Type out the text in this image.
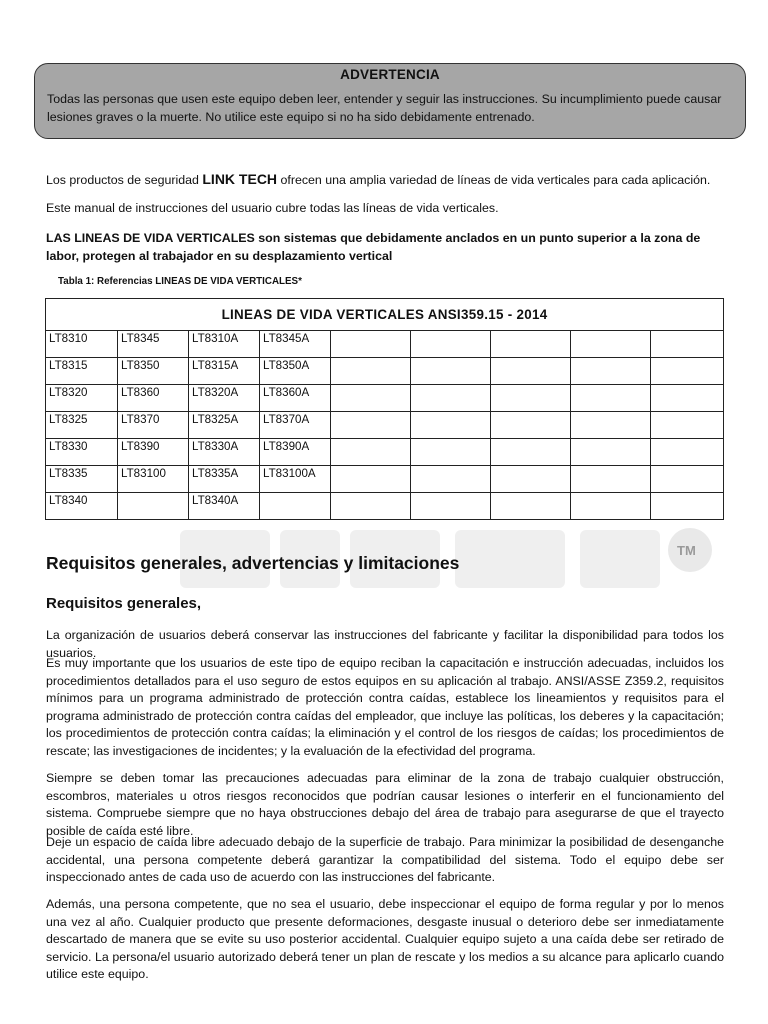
TM
ADVERTENCIA
Todas las personas que usen este equipo deben leer, entender y seguir las instrucciones. Su incumplimiento puede causar lesiones graves o la muerte. No utilice este equipo si no ha sido debidamente entrenado.
Los productos de seguridad LINK TECH ofrecen una amplia variedad de líneas de vida verticales para cada aplicación.
Este manual de instrucciones del usuario cubre todas las líneas de vida verticales.
LAS LINEAS DE VIDA VERTICALES son sistemas que debidamente anclados en un punto superior a la zona de labor, protegen al trabajador en su desplazamiento vertical
Tabla 1: Referencias LINEAS DE VIDA VERTICALES*
LINEAS DE VIDA VERTICALES ANSI359.15 - 2014								
LT8310	LT8345	LT8310A	LT8345A					
LT8315	LT8350	LT8315A	LT8350A					
LT8320	LT8360	LT8320A	LT8360A					
LT8325	LT8370	LT8325A	LT8370A					
LT8330	LT8390	LT8330A	LT8390A					
LT8335	LT83100	LT8335A	LT83100A					
LT8340		LT8340A						
Requisitos generales, advertencias y limitaciones
Requisitos generales,
La organización de usuarios deberá conservar las instrucciones del fabricante y facilitar la disponibilidad para todos los usuarios.
Es muy importante que los usuarios de este tipo de equipo reciban la capacitación e instrucción adecuadas, incluidos los procedimientos detallados para el uso seguro de estos equipos en su aplicación al trabajo. ANSI/ASSE Z359.2, requisitos mínimos para un programa administrado de protección contra caídas, establece los lineamientos y requisitos para el programa administrado de protección contra caídas del empleador, que incluye las políticas, los deberes y la capacitación; los procedimientos de protección contra caídas; la eliminación y el control de los riesgos de caídas; los procedimientos de rescate; las investigaciones de incidentes; y la evaluación de la efectividad del programa.
Siempre se deben tomar las precauciones adecuadas para eliminar de la zona de trabajo cualquier obstrucción, escombros, materiales u otros riesgos reconocidos que podrían causar lesiones o interferir en el funcionamiento del sistema. Compruebe siempre que no haya obstrucciones debajo del área de trabajo para asegurarse de que el trayecto posible de caída esté libre.
Deje un espacio de caída libre adecuado debajo de la superficie de trabajo. Para minimizar la posibilidad de desenganche accidental, una persona competente deberá garantizar la compatibilidad del sistema. Todo el equipo debe ser inspeccionado antes de cada uso de acuerdo con las instrucciones del fabricante.
Además, una persona competente, que no sea el usuario, debe inspeccionar el equipo de forma regular y por lo menos una vez al año. Cualquier producto que presente deformaciones, desgaste inusual o deterioro debe ser inmediatamente descartado de manera que se evite su uso posterior accidental. Cualquier equipo sujeto a una caída debe ser retirado de servicio. La persona/el usuario autorizado deberá tener un plan de rescate y los medios a su alcance para aplicarlo cuando utilice este equipo.
